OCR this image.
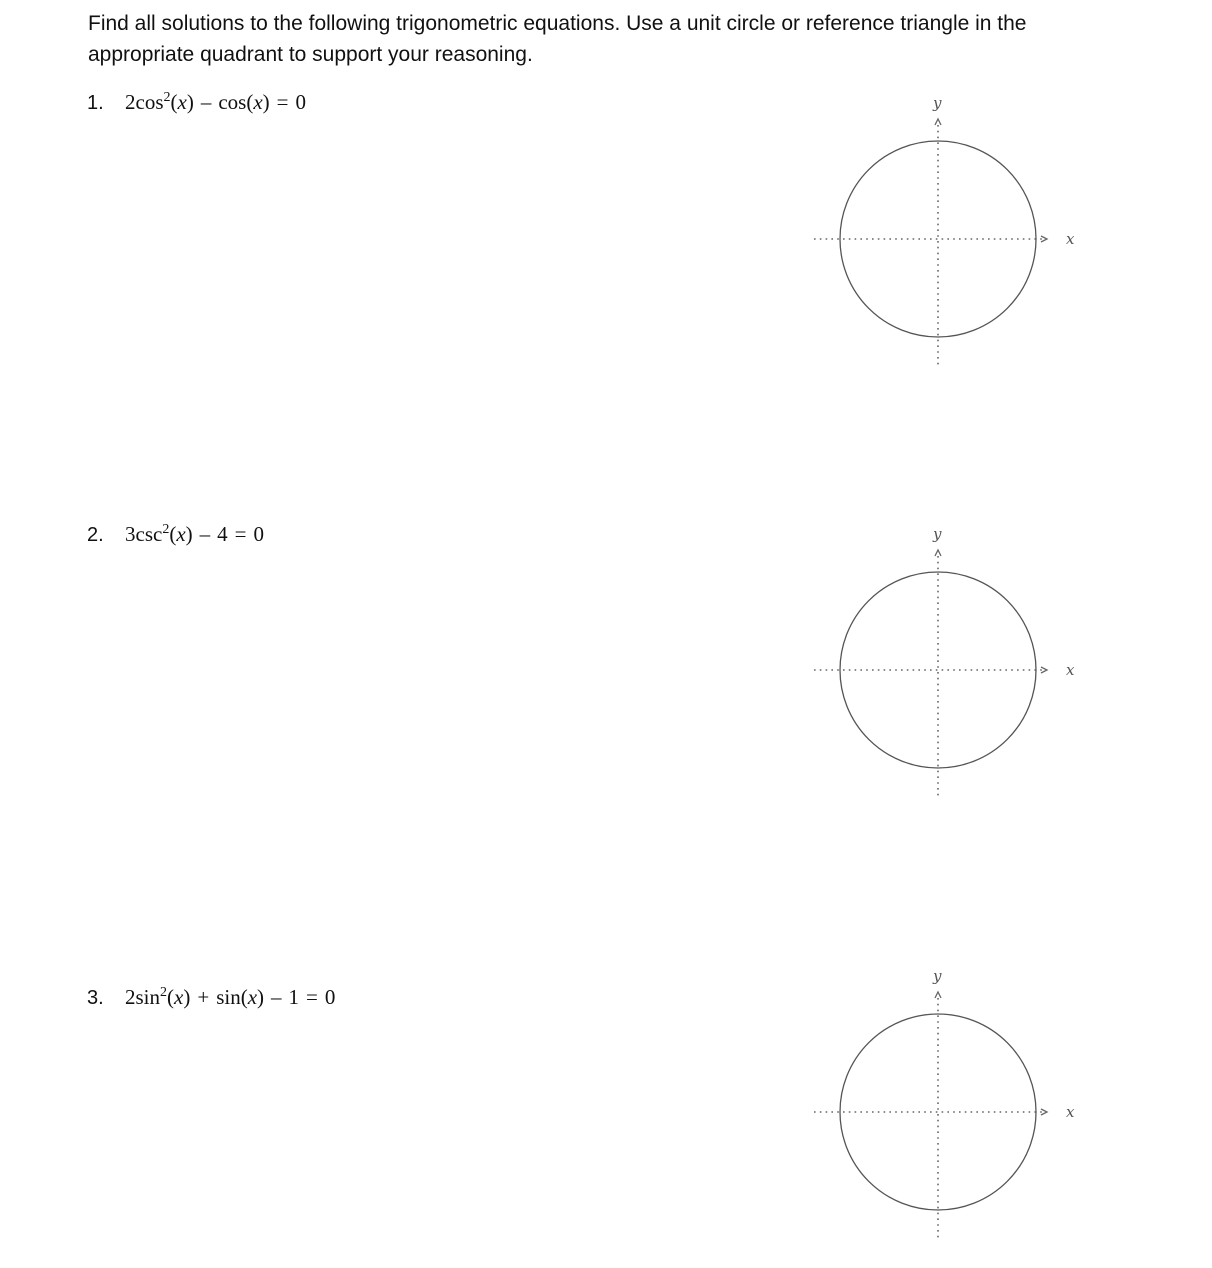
Find all solutions to the following trigonometric equations. Use a unit circle or reference triangle in the appropriate quadrant to support your reasoning.

1. $2\cos^2(x) - \cos(x) = 0$
x
y
2. $3\csc^2(x) - 4 = 0$
x
y
3. $2\sin^2(x) + \sin(x) - 1 = 0$
x
y
